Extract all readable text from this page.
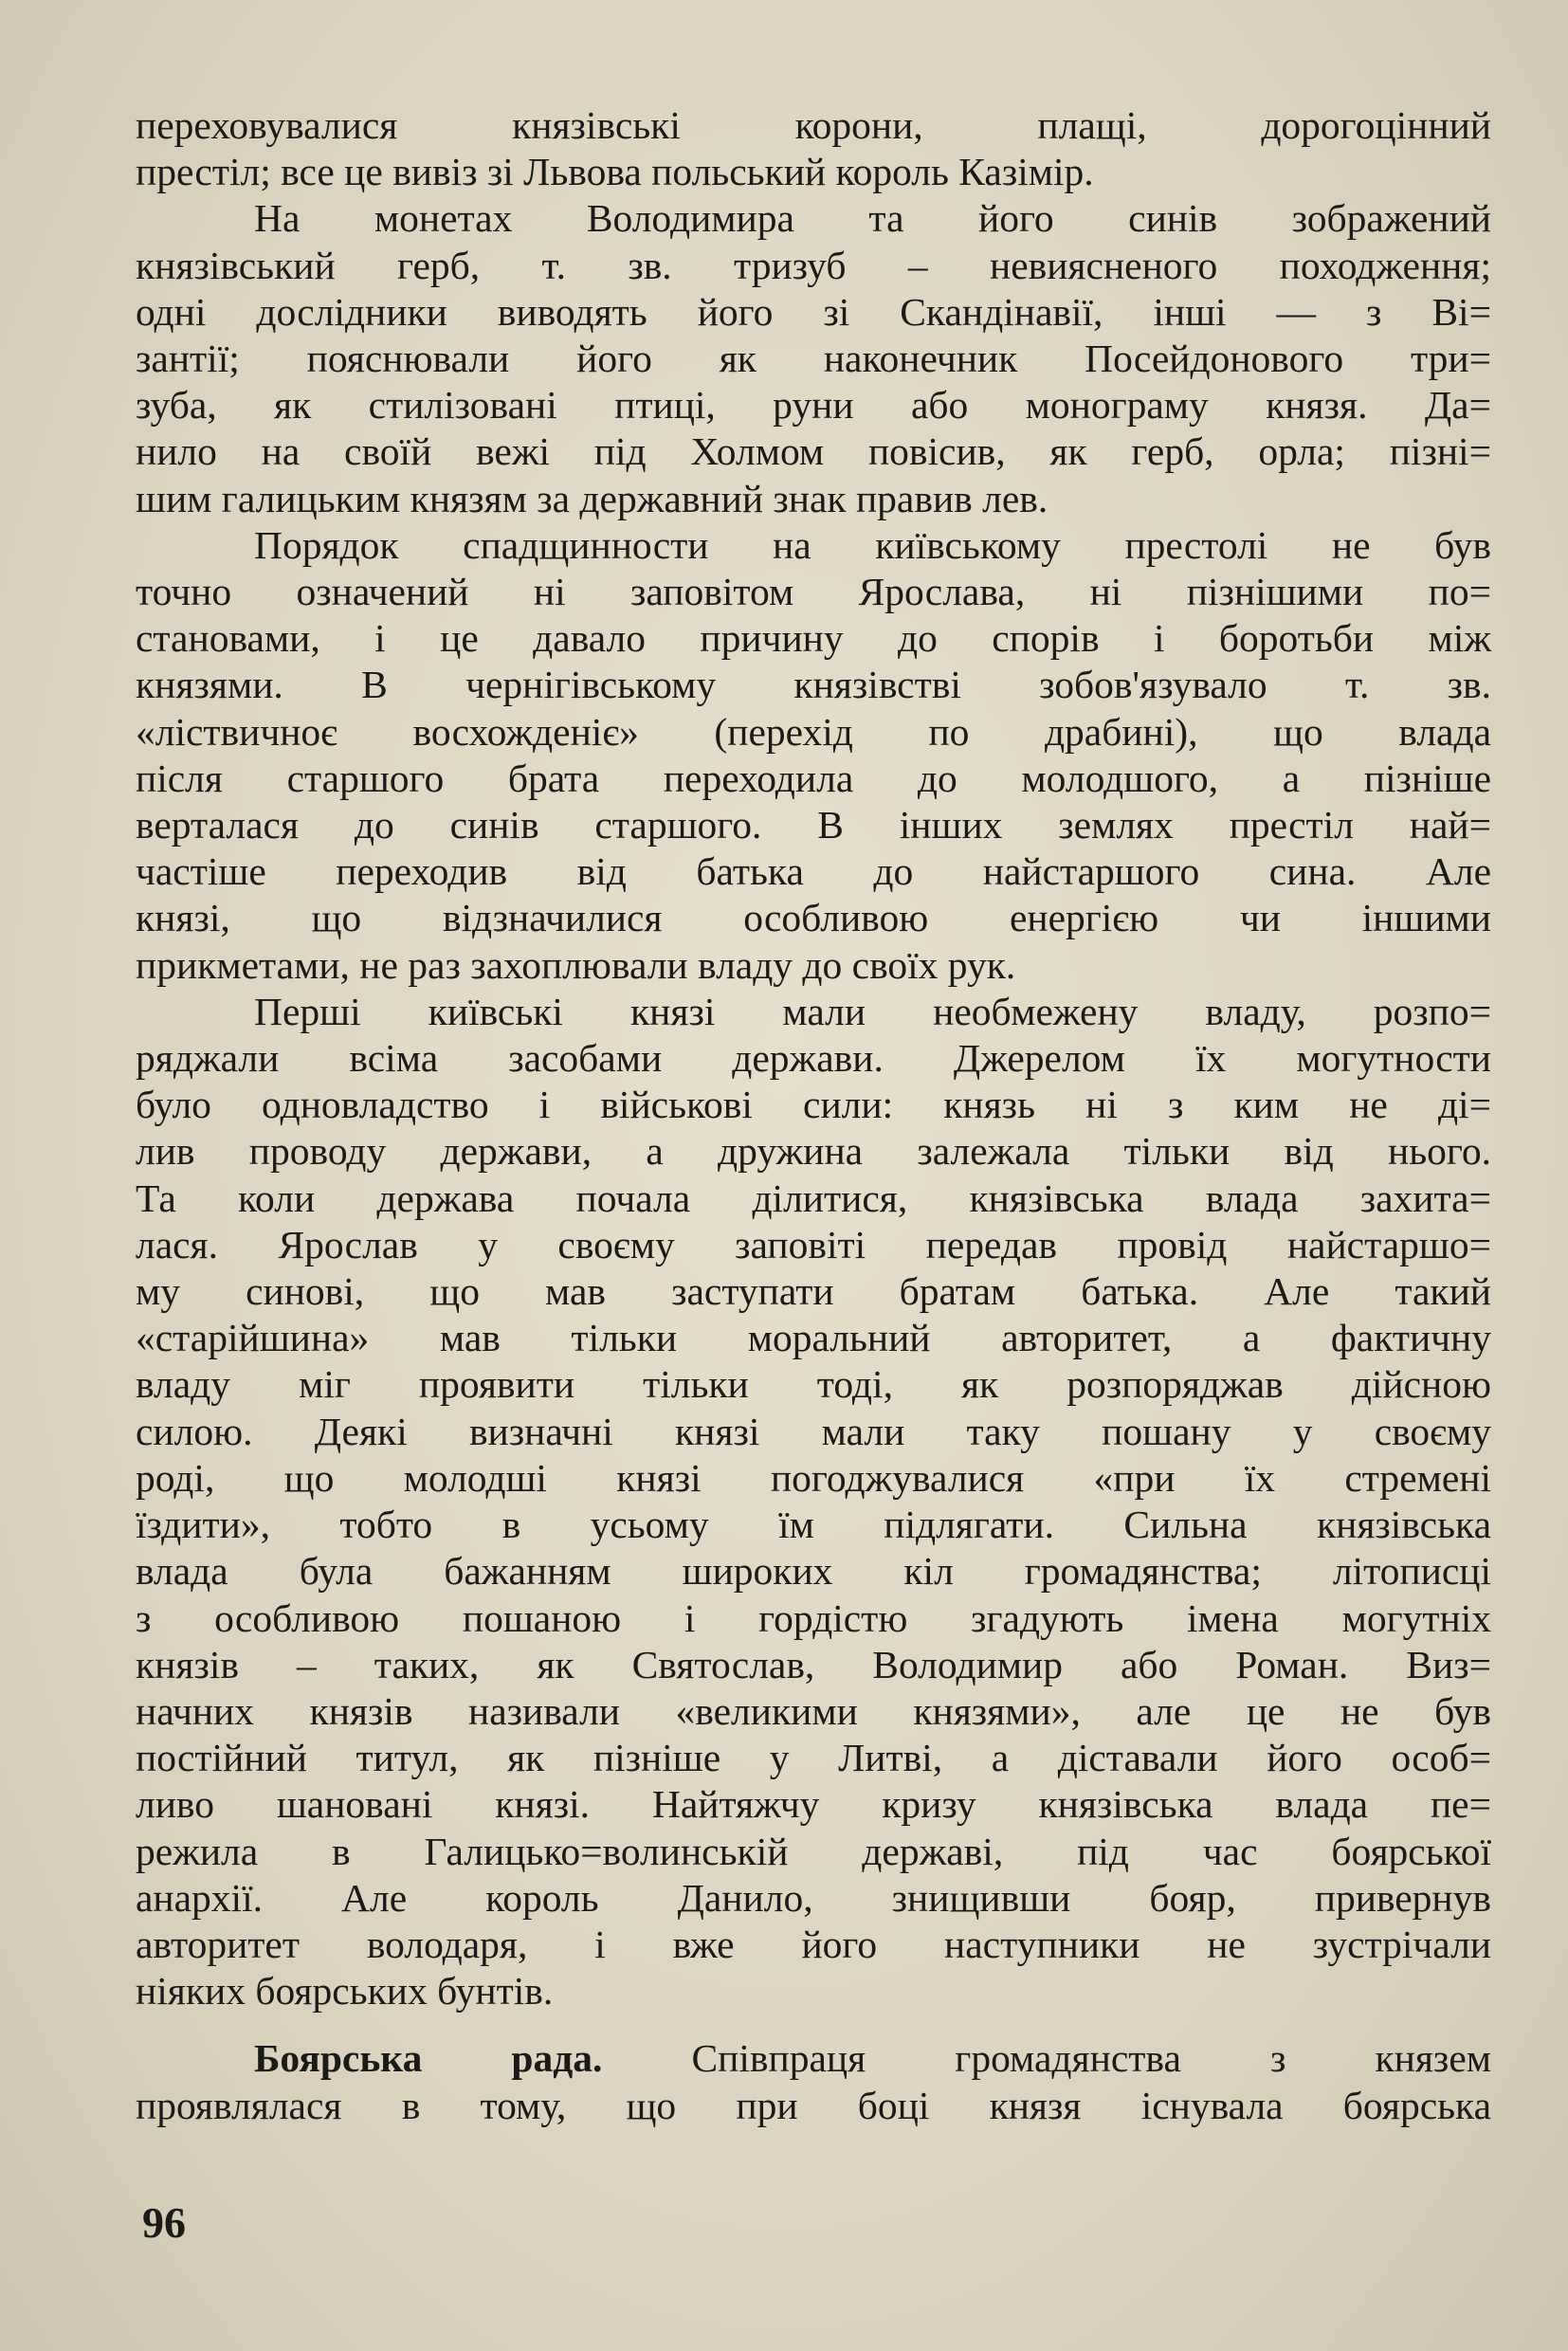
переховувалися князівські корони, плащі, дорогоцінний
престіл; все це вивіз зі Львова польський король Казімір.
На монетах Володимира та його синів зображений
князівський герб, т. зв. тризуб – невиясненого походження;
одні дослідники виводять його зі Скандінавії, інші — з Ві=
зантії; пояснювали його як наконечник Посейдонового три=
зуба, як стилізовані птиці, руни або монограму князя. Да=
нило на своїй вежі під Холмом повісив, як герб, орла; пізні=
шим галицьким князям за державний знак правив лев.
Порядок спадщинности на київському престолі не був
точно означений ні заповітом Ярослава, ні пізнішими по=
становами, і це давало причину до спорів і боротьби між
князями. В чернігівському князівстві зобов'язувало т. зв.
«ліствичноє восхожденіє» (перехід по драбині), що влада
після старшого брата переходила до молодшого, а пізніше
верталася до синів старшого. В інших землях престіл най=
частіше переходив від батька до найстаршого сина. Але
князі, що відзначилися особливою енергією чи іншими
прикметами, не раз захоплювали владу до своїх рук.
Перші київські князі мали необмежену владу, розпо=
ряджали всіма засобами держави. Джерелом їх могутности
було одновладство і військові сили: князь ні з ким не ді=
лив проводу держави, а дружина залежала тільки від нього.
Та коли держава почала ділитися, князівська влада захита=
лася. Ярослав у своєму заповіті передав провід найстаршо=
му синові, що мав заступати братам батька. Але такий
«старійшина» мав тільки моральний авторитет, а фактичну
владу міг проявити тільки тоді, як розпоряджав дійсною
силою. Деякі визначні князі мали таку пошану у своєму
роді, що молодші князі погоджувалися «при їх стремені
їздити», тобто в усьому їм підлягати. Сильна князівська
влада була бажанням широких кіл громадянства; літописці
з особливою пошаною і гордістю згадують імена могутніх
князів – таких, як Святослав, Володимир або Роман. Виз=
начних князів називали «великими князями», але це не був
постійний титул, як пізніше у Литві, а діставали його особ=
ливо шановані князі. Найтяжчу кризу князівська влада пе=
режила в Галицько=волинській державі, під час боярської
анархії. Але король Данило, знищивши бояр, привернув
авторитет володаря, і вже його наступники не зустрічали
ніяких боярських бунтів.
Боярська рада. Співпраця громадянства з князем
проявлялася в тому, що при боці князя існувала боярська
96
